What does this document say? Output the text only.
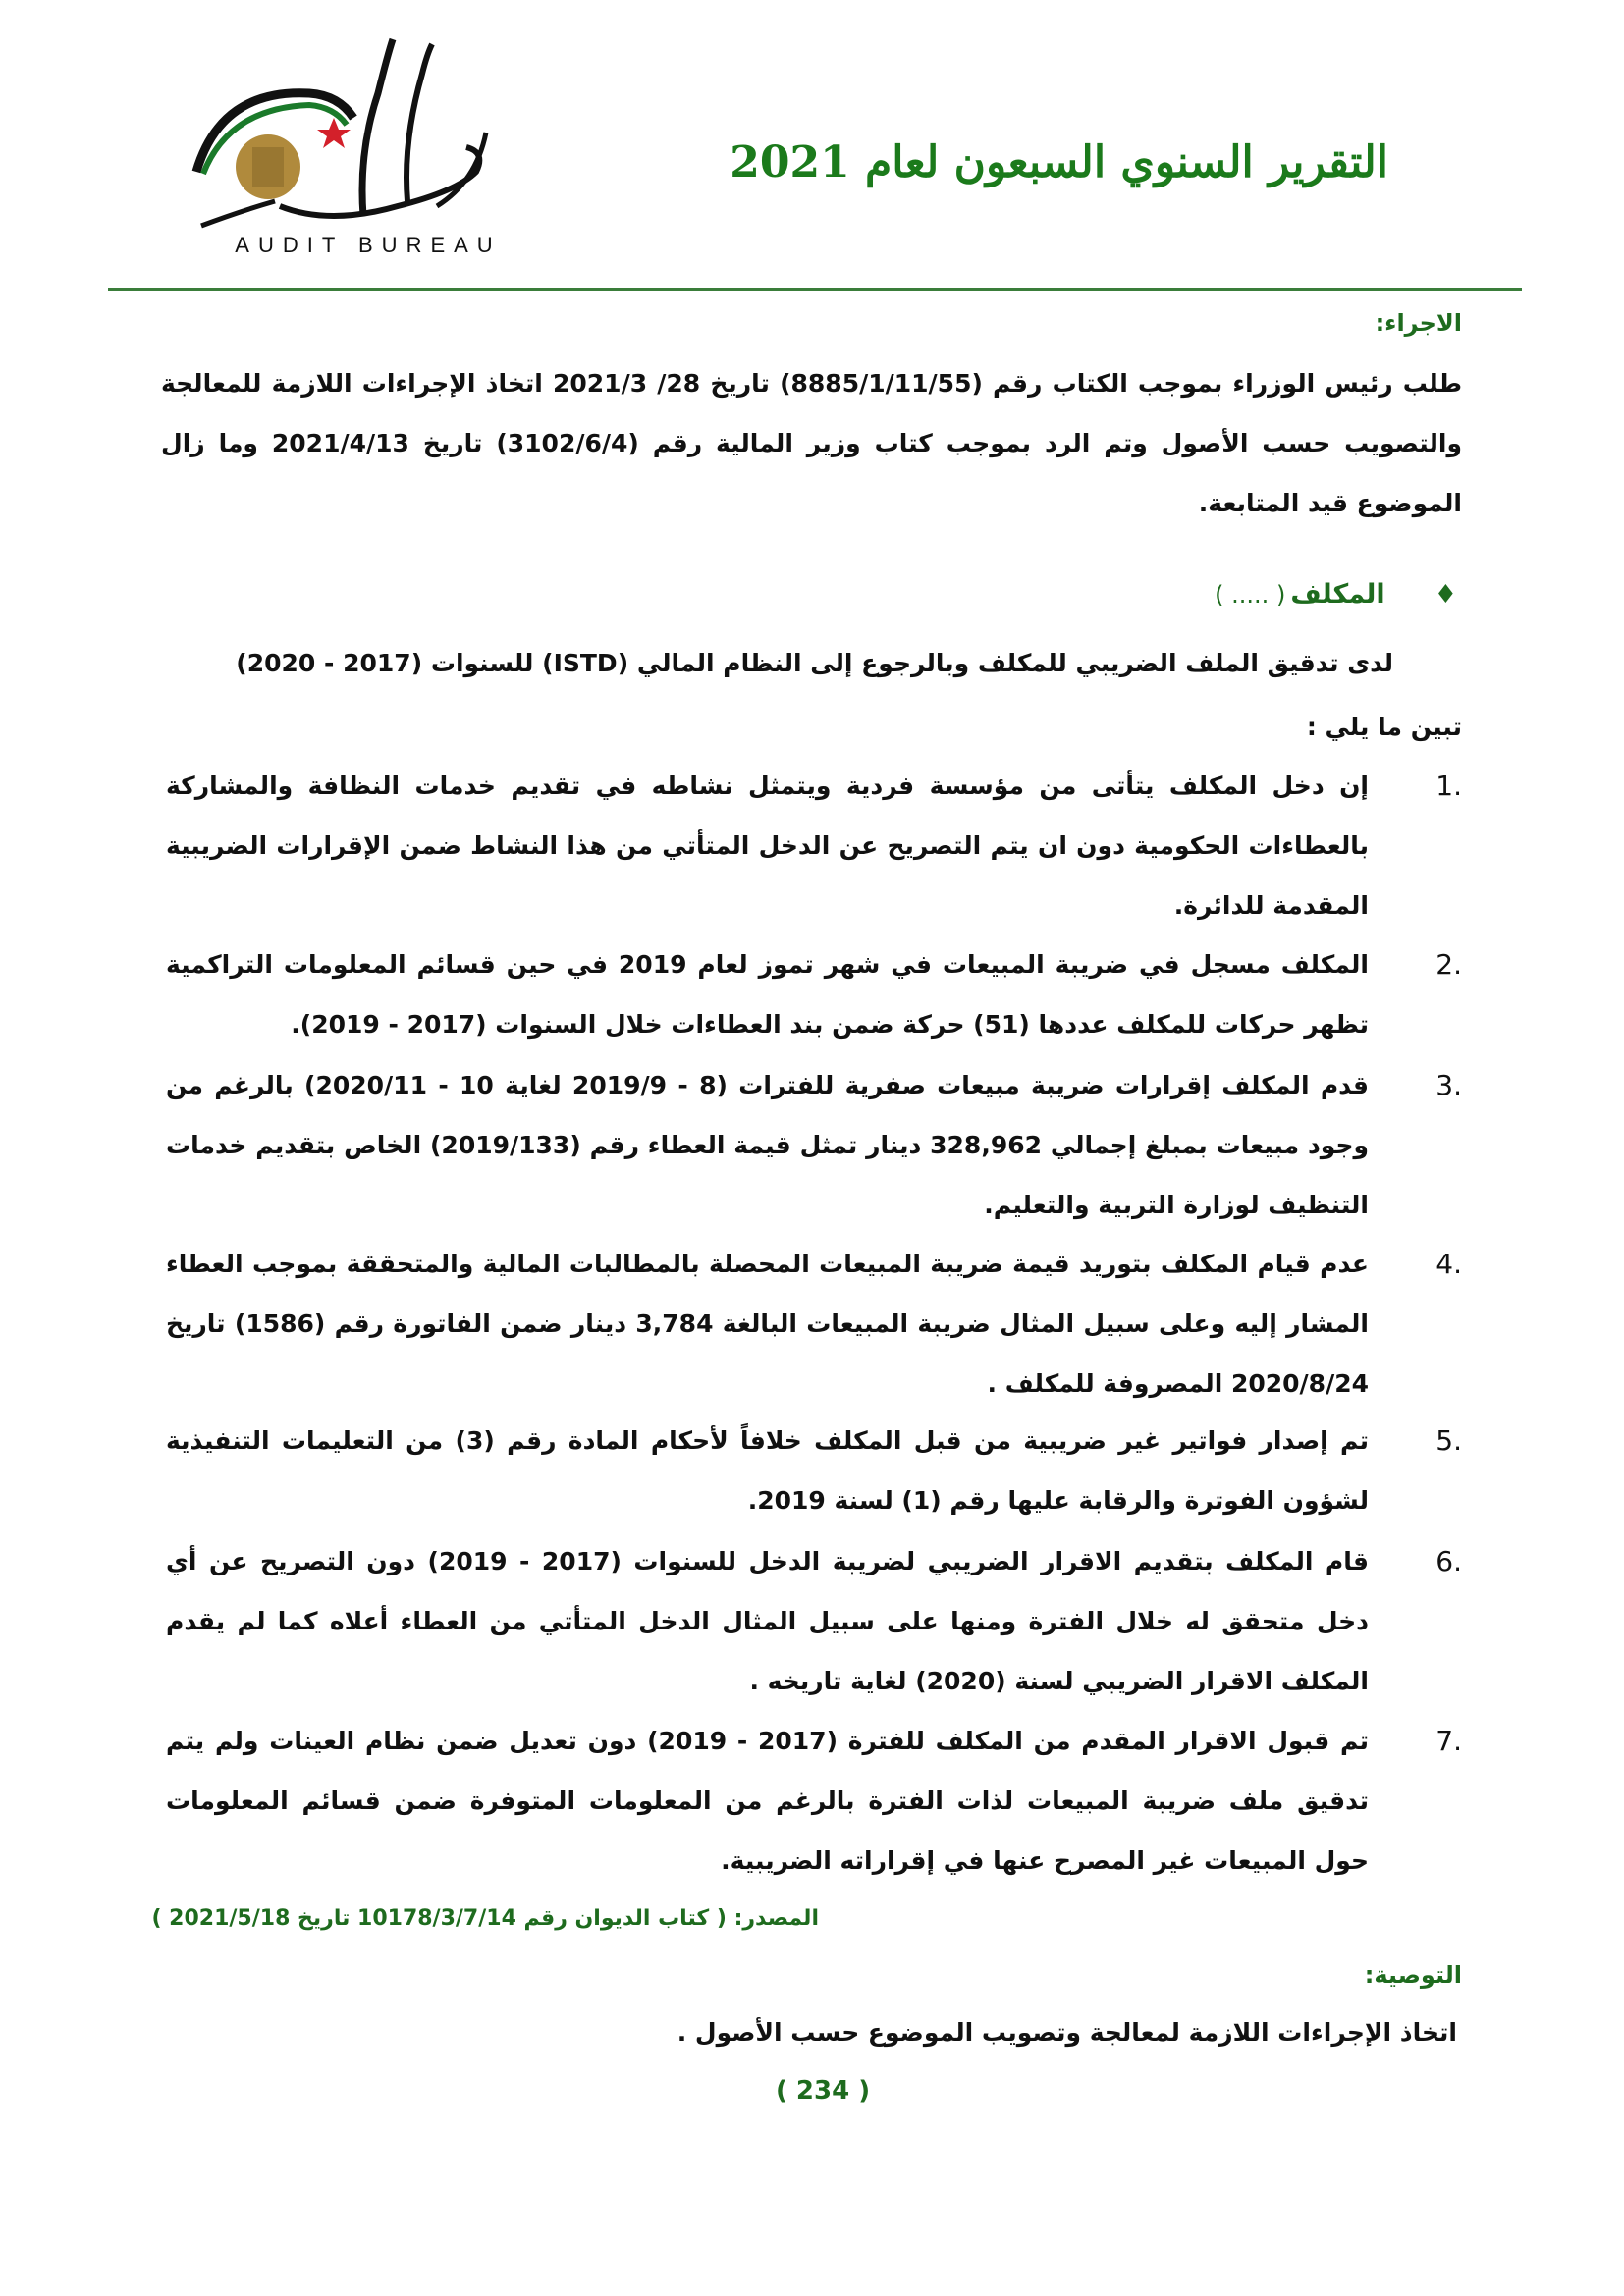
AUDIT BUREAU
التقرير السنوي السبعون لعام 2021
الاجراء:
طلب رئيس الوزراء بموجب الكتاب رقم (8885/1/11/55) تاريخ 28/ 2021/3 اتخاذ الإجراءات اللازمة للمعالجة والتصويب حسب الأصول وتم الرد بموجب كتاب وزير المالية رقم (3102/6/4) تاريخ 2021/4/13 وما زال الموضوع قيد المتابعة.
♦
المكلف
( ..... )
لدى تدقيق الملف الضريبي للمكلف وبالرجوع إلى النظام المالي (ISTD) للسنوات (2017 - 2020)
تبين ما يلي :
1.
إن دخل المكلف يتأتى من مؤسسة فردية ويتمثل نشاطه في تقديم خدمات النظافة والمشاركة بالعطاءات الحكومية دون ان يتم التصريح عن الدخل المتأتي من هذا النشاط ضمن الإقرارات الضريبية المقدمة للدائرة.
2.
المكلف مسجل في ضريبة المبيعات في شهر تموز لعام 2019 في حين قسائم المعلومات التراكمية تظهر حركات للمكلف عددها (51) حركة ضمن بند العطاءات خلال السنوات (2017 - 2019).
3.
قدم المكلف إقرارات ضريبة مبيعات صفرية للفترات (8 - 2019/9 لغاية 10 - 2020/11) بالرغم من وجود مبيعات بمبلغ إجمالي 328,962 دينار تمثل قيمة العطاء رقم (2019/133) الخاص بتقديم خدمات التنظيف لوزارة التربية والتعليم.
4.
عدم قيام المكلف بتوريد قيمة ضريبة المبيعات المحصلة بالمطالبات المالية والمتحققة بموجب العطاء المشار إليه وعلى سبيل المثال ضريبة المبيعات البالغة 3,784 دينار ضمن الفاتورة رقم (1586) تاريخ 2020/8/24 المصروفة للمكلف .
5.
تم إصدار فواتير غير ضريبية من قبل المكلف خلافاً لأحكام المادة رقم (3) من التعليمات التنفيذية لشؤون الفوترة والرقابة عليها رقم (1) لسنة 2019.
6.
قام المكلف بتقديم الاقرار الضريبي لضريبة الدخل للسنوات (2017 - 2019) دون التصريح عن أي دخل متحقق له خلال الفترة ومنها على سبيل المثال الدخل المتأتي من العطاء أعلاه كما لم يقدم المكلف الاقرار الضريبي لسنة (2020) لغاية تاريخه .
7.
تم قبول الاقرار المقدم من المكلف للفترة (2017 - 2019) دون تعديل ضمن نظام العينات ولم يتم تدقيق ملف ضريبة المبيعات لذات الفترة بالرغم من المعلومات المتوفرة ضمن قسائم المعلومات حول المبيعات غير المصرح عنها في إقراراته الضريبية.
المصدر: ( كتاب الديوان رقم 10178/3/7/14 تاريخ 2021/5/18 )
التوصية:
اتخاذ الإجراءات اللازمة لمعالجة وتصويب الموضوع حسب الأصول .
( 234 )
